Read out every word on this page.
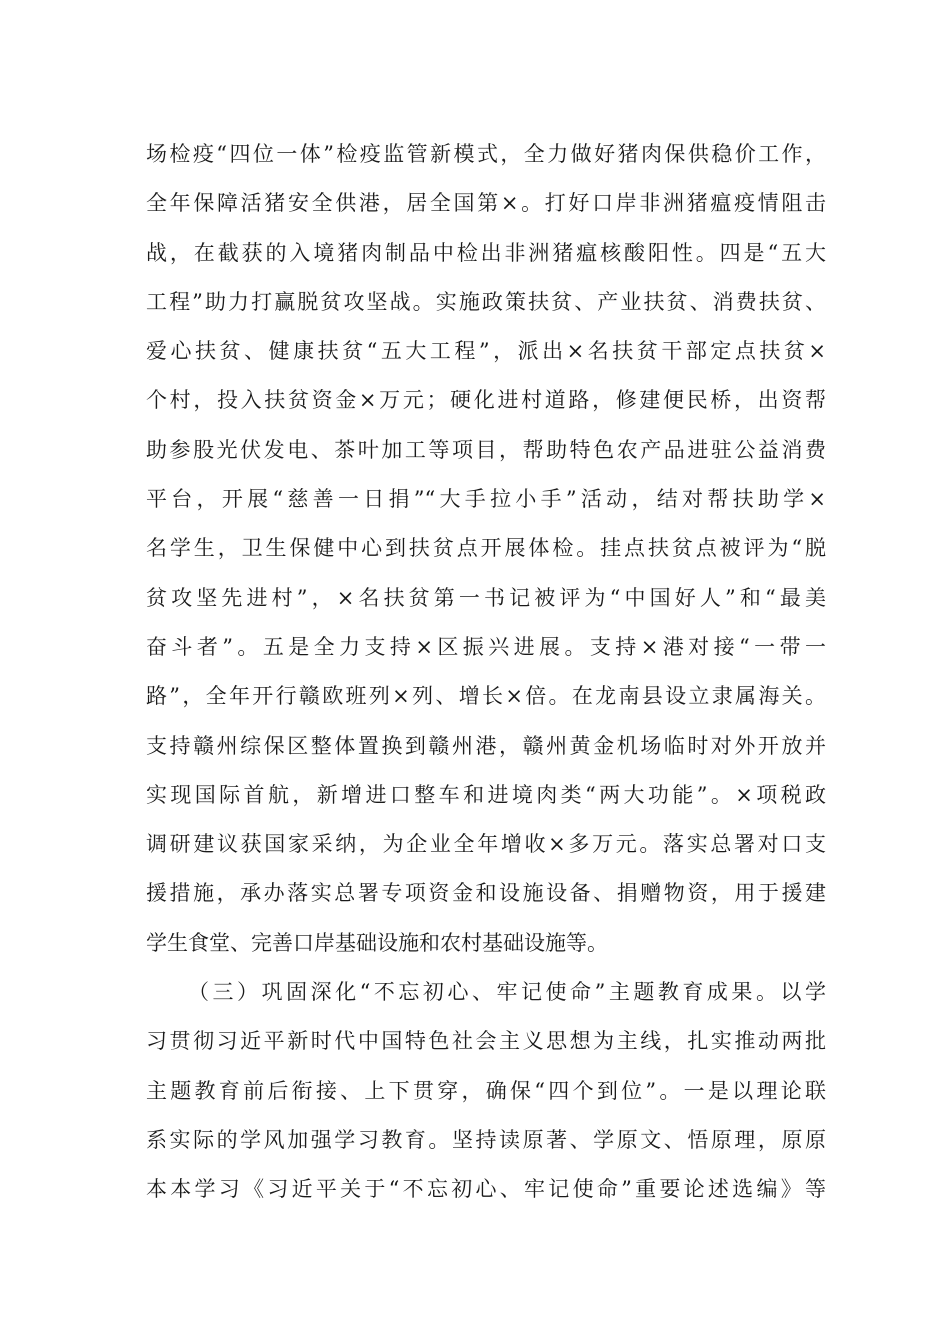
场检疫“四位一体”检疫监管新模式，全力做好猪肉保供稳价工作，
全年保障活猪安全供港，居全国第×。打好口岸非洲猪瘟疫情阻击
战，在截获的入境猪肉制品中检出非洲猪瘟核酸阳性。四是“五大
工程”助力打赢脱贫攻坚战。实施政策扶贫、产业扶贫、消费扶贫、
爱心扶贫、健康扶贫“五大工程”，派出×名扶贫干部定点扶贫×
个村，投入扶贫资金×万元；硬化进村道路，修建便民桥，出资帮
助参股光伏发电、茶叶加工等项目，帮助特色农产品进驻公益消费
平台，开展“慈善一日捐”“大手拉小手”活动，结对帮扶助学×
名学生，卫生保健中心到扶贫点开展体检。挂点扶贫点被评为“脱
贫攻坚先进村”，×名扶贫第一书记被评为“中国好人”和“最美
奋斗者”。五是全力支持×区振兴进展。支持×港对接“一带一
路”，全年开行赣欧班列×列、增长×倍。在龙南县设立隶属海关。
支持赣州综保区整体置换到赣州港，赣州黄金机场临时对外开放并
实现国际首航，新增进口整车和进境肉类“两大功能”。×项税政
调研建议获国家采纳，为企业全年增收×多万元。落实总署对口支
援措施，承办落实总署专项资金和设施设备、捐赠物资，用于援建
学生食堂、完善口岸基础设施和农村基础设施等。
（三）巩固深化“不忘初心、牢记使命”主题教育成果。以学
习贯彻习近平新时代中国特色社会主义思想为主线，扎实推动两批
主题教育前后衔接、上下贯穿，确保“四个到位”。一是以理论联
系实际的学风加强学习教育。坚持读原著、学原文、悟原理，原原
本本学习《习近平关于“不忘初心、牢记使命”重要论述选编》等
